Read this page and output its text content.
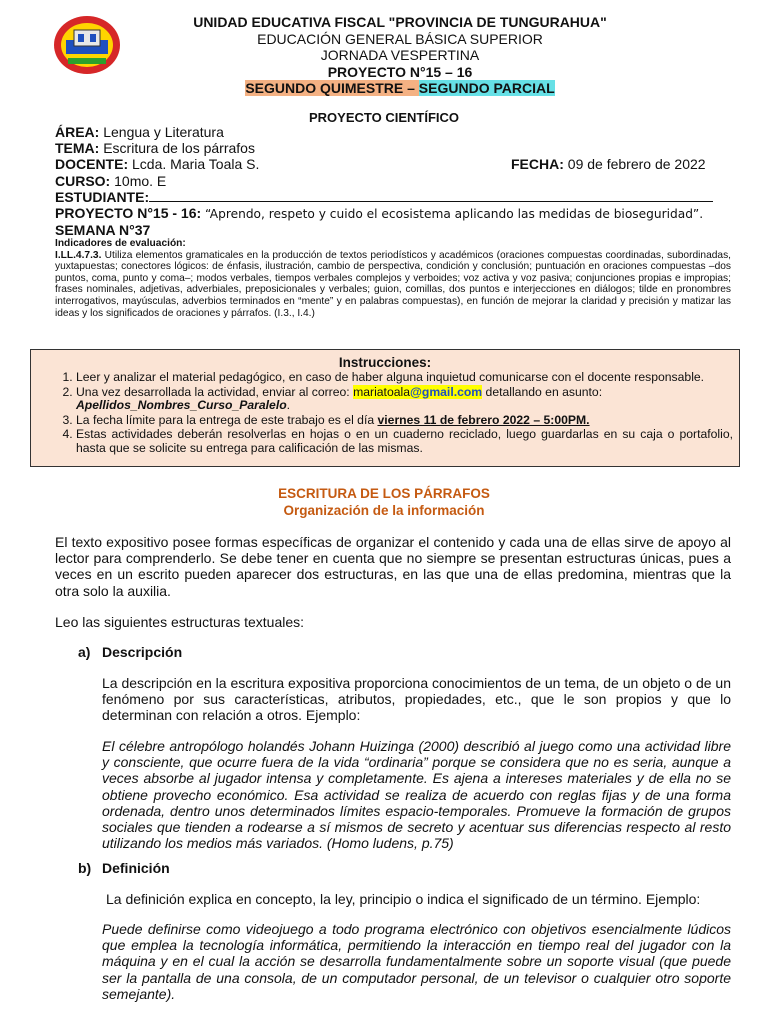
UNIDAD EDUCATIVA FISCAL "PROVINCIA DE TUNGURAHUA"
EDUCACIÓN GENERAL BÁSICA SUPERIOR
JORNADA VESPERTINA
PROYECTO N°15 – 16
SEGUNDO QUIMESTRE – SEGUNDO PARCIAL
PROYECTO CIENTÍFICO
ÁREA: Lengua y Literatura
TEMA: Escritura de los párrafos
DOCENTE: Lcda. Maria Toala S.	FECHA: 09 de febrero de 2022
CURSO: 10mo. E
ESTUDIANTE:
PROYECTO N°15 - 16: “Aprendo, respeto y cuido el ecosistema aplicando las medidas de bioseguridad”.
SEMANA N°37
Indicadores de evaluación:
I.LL.4.7.3. Utiliza elementos gramaticales en la producción de textos periodísticos y académicos (oraciones compuestas coordinadas, subordinadas, yuxtapuestas; conectores lógicos: de énfasis, ilustración, cambio de perspectiva, condición y conclusión; puntuación en oraciones compuestas –dos puntos, coma, punto y coma–; modos verbales, tiempos verbales complejos y verboides; voz activa y voz pasiva; conjunciones propias e impropias; frases nominales, adjetivas, adverbiales, preposicionales y verbales; guion, comillas, dos puntos e interjecciones en diálogos; tilde en pronombres interrogativos, mayúsculas, adverbios terminados en “mente” y en palabras compuestas), en función de mejorar la claridad y precisión y matizar las ideas y los significados de oraciones y párrafos. (I.3., I.4.)
Instrucciones:
1. Leer y analizar el material pedagógico, en caso de haber alguna inquietud comunicarse con el docente responsable.
2. Una vez desarrollada la actividad, enviar al correo: mariatoala@gmail.com detallando en asunto:
Apellidos_Nombres_Curso_Paralelo.
3. La fecha límite para la entrega de este trabajo es el día viernes 11 de febrero 2022 – 5:00PM.
4. Estas actividades deberán resolverlas en hojas o en un cuaderno reciclado, luego guardarlas en su caja o portafolio, hasta que se solicite su entrega para calificación de las mismas.
ESCRITURA DE LOS PÁRRAFOS
Organización de la información
El texto expositivo posee formas específicas de organizar el contenido y cada una de ellas sirve de apoyo al lector para comprenderlo. Se debe tener en cuenta que no siempre se presentan estructuras únicas, pues a veces en un escrito pueden aparecer dos estructuras, en las que una de ellas predomina, mientras que la otra solo la auxilia.
Leo las siguientes estructuras textuales:
a) Descripción
La descripción en la escritura expositiva proporciona conocimientos de un tema, de un objeto o de un fenómeno por sus características, atributos, propiedades, etc., que le son propios y que lo determinan con relación a otros. Ejemplo:
El célebre antropólogo holandés Johann Huizinga (2000) describió al juego como una actividad libre y consciente, que ocurre fuera de la vida “ordinaria” porque se considera que no es seria, aunque a veces absorbe al jugador intensa y completamente. Es ajena a intereses materiales y de ella no se obtiene provecho económico. Esa actividad se realiza de acuerdo con reglas fijas y de una forma ordenada, dentro unos determinados límites espacio-temporales. Promueve la formación de grupos sociales que tienden a rodearse a sí mismos de secreto y acentuar sus diferencias respecto al resto utilizando los medios más variados. (Homo ludens, p.75)
b) Definición
La definición explica en concepto, la ley, principio o indica el significado de un término. Ejemplo:
Puede definirse como videojuego a todo programa electrónico con objetivos esencialmente lúdicos que emplea la tecnología informática, permitiendo la interacción en tiempo real del jugador con la máquina y en el cual la acción se desarrolla fundamentalmente sobre un soporte visual (que puede ser la pantalla de una consola, de un computador personal, de un televisor o cualquier otro soporte semejante).
